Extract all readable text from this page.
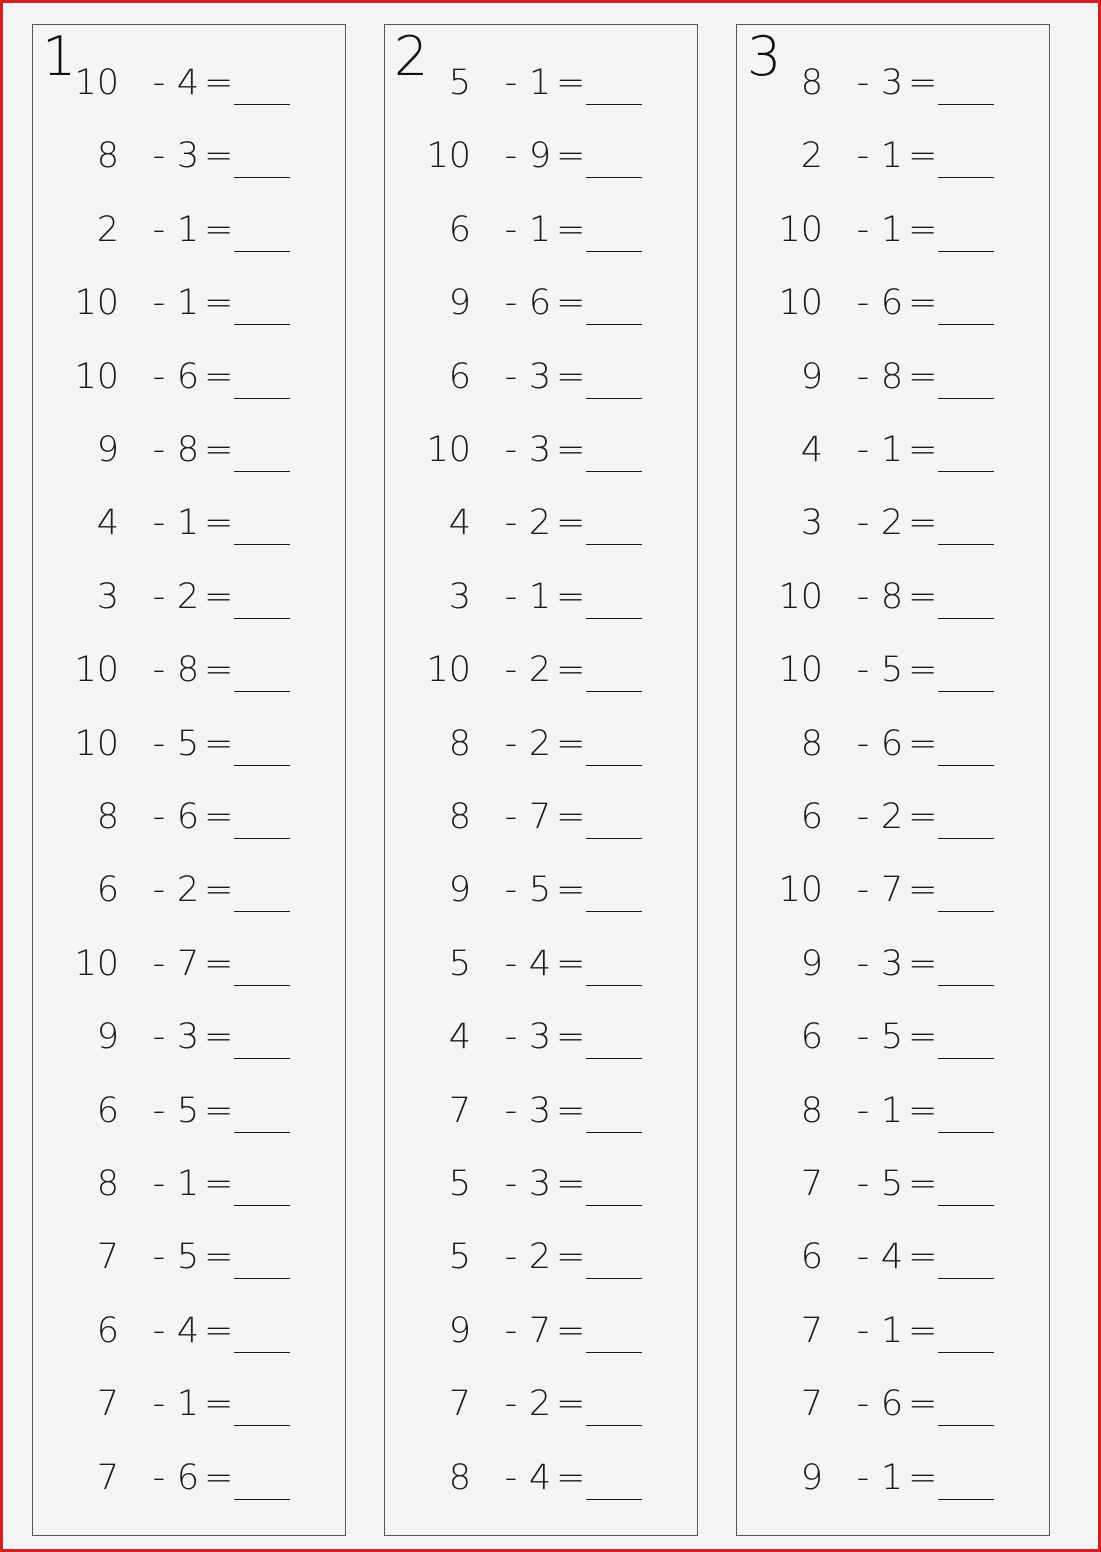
1
10 - 4 =
8 - 3 =
2 - 1 =
10 - 1 =
10 - 6 =
9 - 8 =
4 - 1 =
3 - 2 =
10 - 8 =
10 - 5 =
8 - 6 =
6 - 2 =
10 - 7 =
9 - 3 =
6 - 5 =
8 - 1 =
7 - 5 =
6 - 4 =
7 - 1 =
7 - 6 =
2 5 - 1 =
10 - 9 =
6 - 1 =
9 - 6 =
6 - 3 =
10 - 3 =
4 - 2 =
3 - 1 =
10 - 2 =
8 - 2 =
8 - 7 =
9 - 5 =
5 - 4 =
4 - 3 =
7 - 3 =
5 - 3 =
5 - 2 =
9 - 7 =
7 - 2 =
8 - 4 =
3 8 - 3 =
2 - 1 =
10 - 1 =
10 - 6 =
9 - 8 =
4 - 1 =
3 - 2 =
10 - 8 =
10 - 5 =
8 - 6 =
6 - 2 =
10 - 7 =
9 - 3 =
6 - 5 =
8 - 1 =
7 - 5 =
6 - 4 =
7 - 1 =
7 - 6 =
9 - 1 =
